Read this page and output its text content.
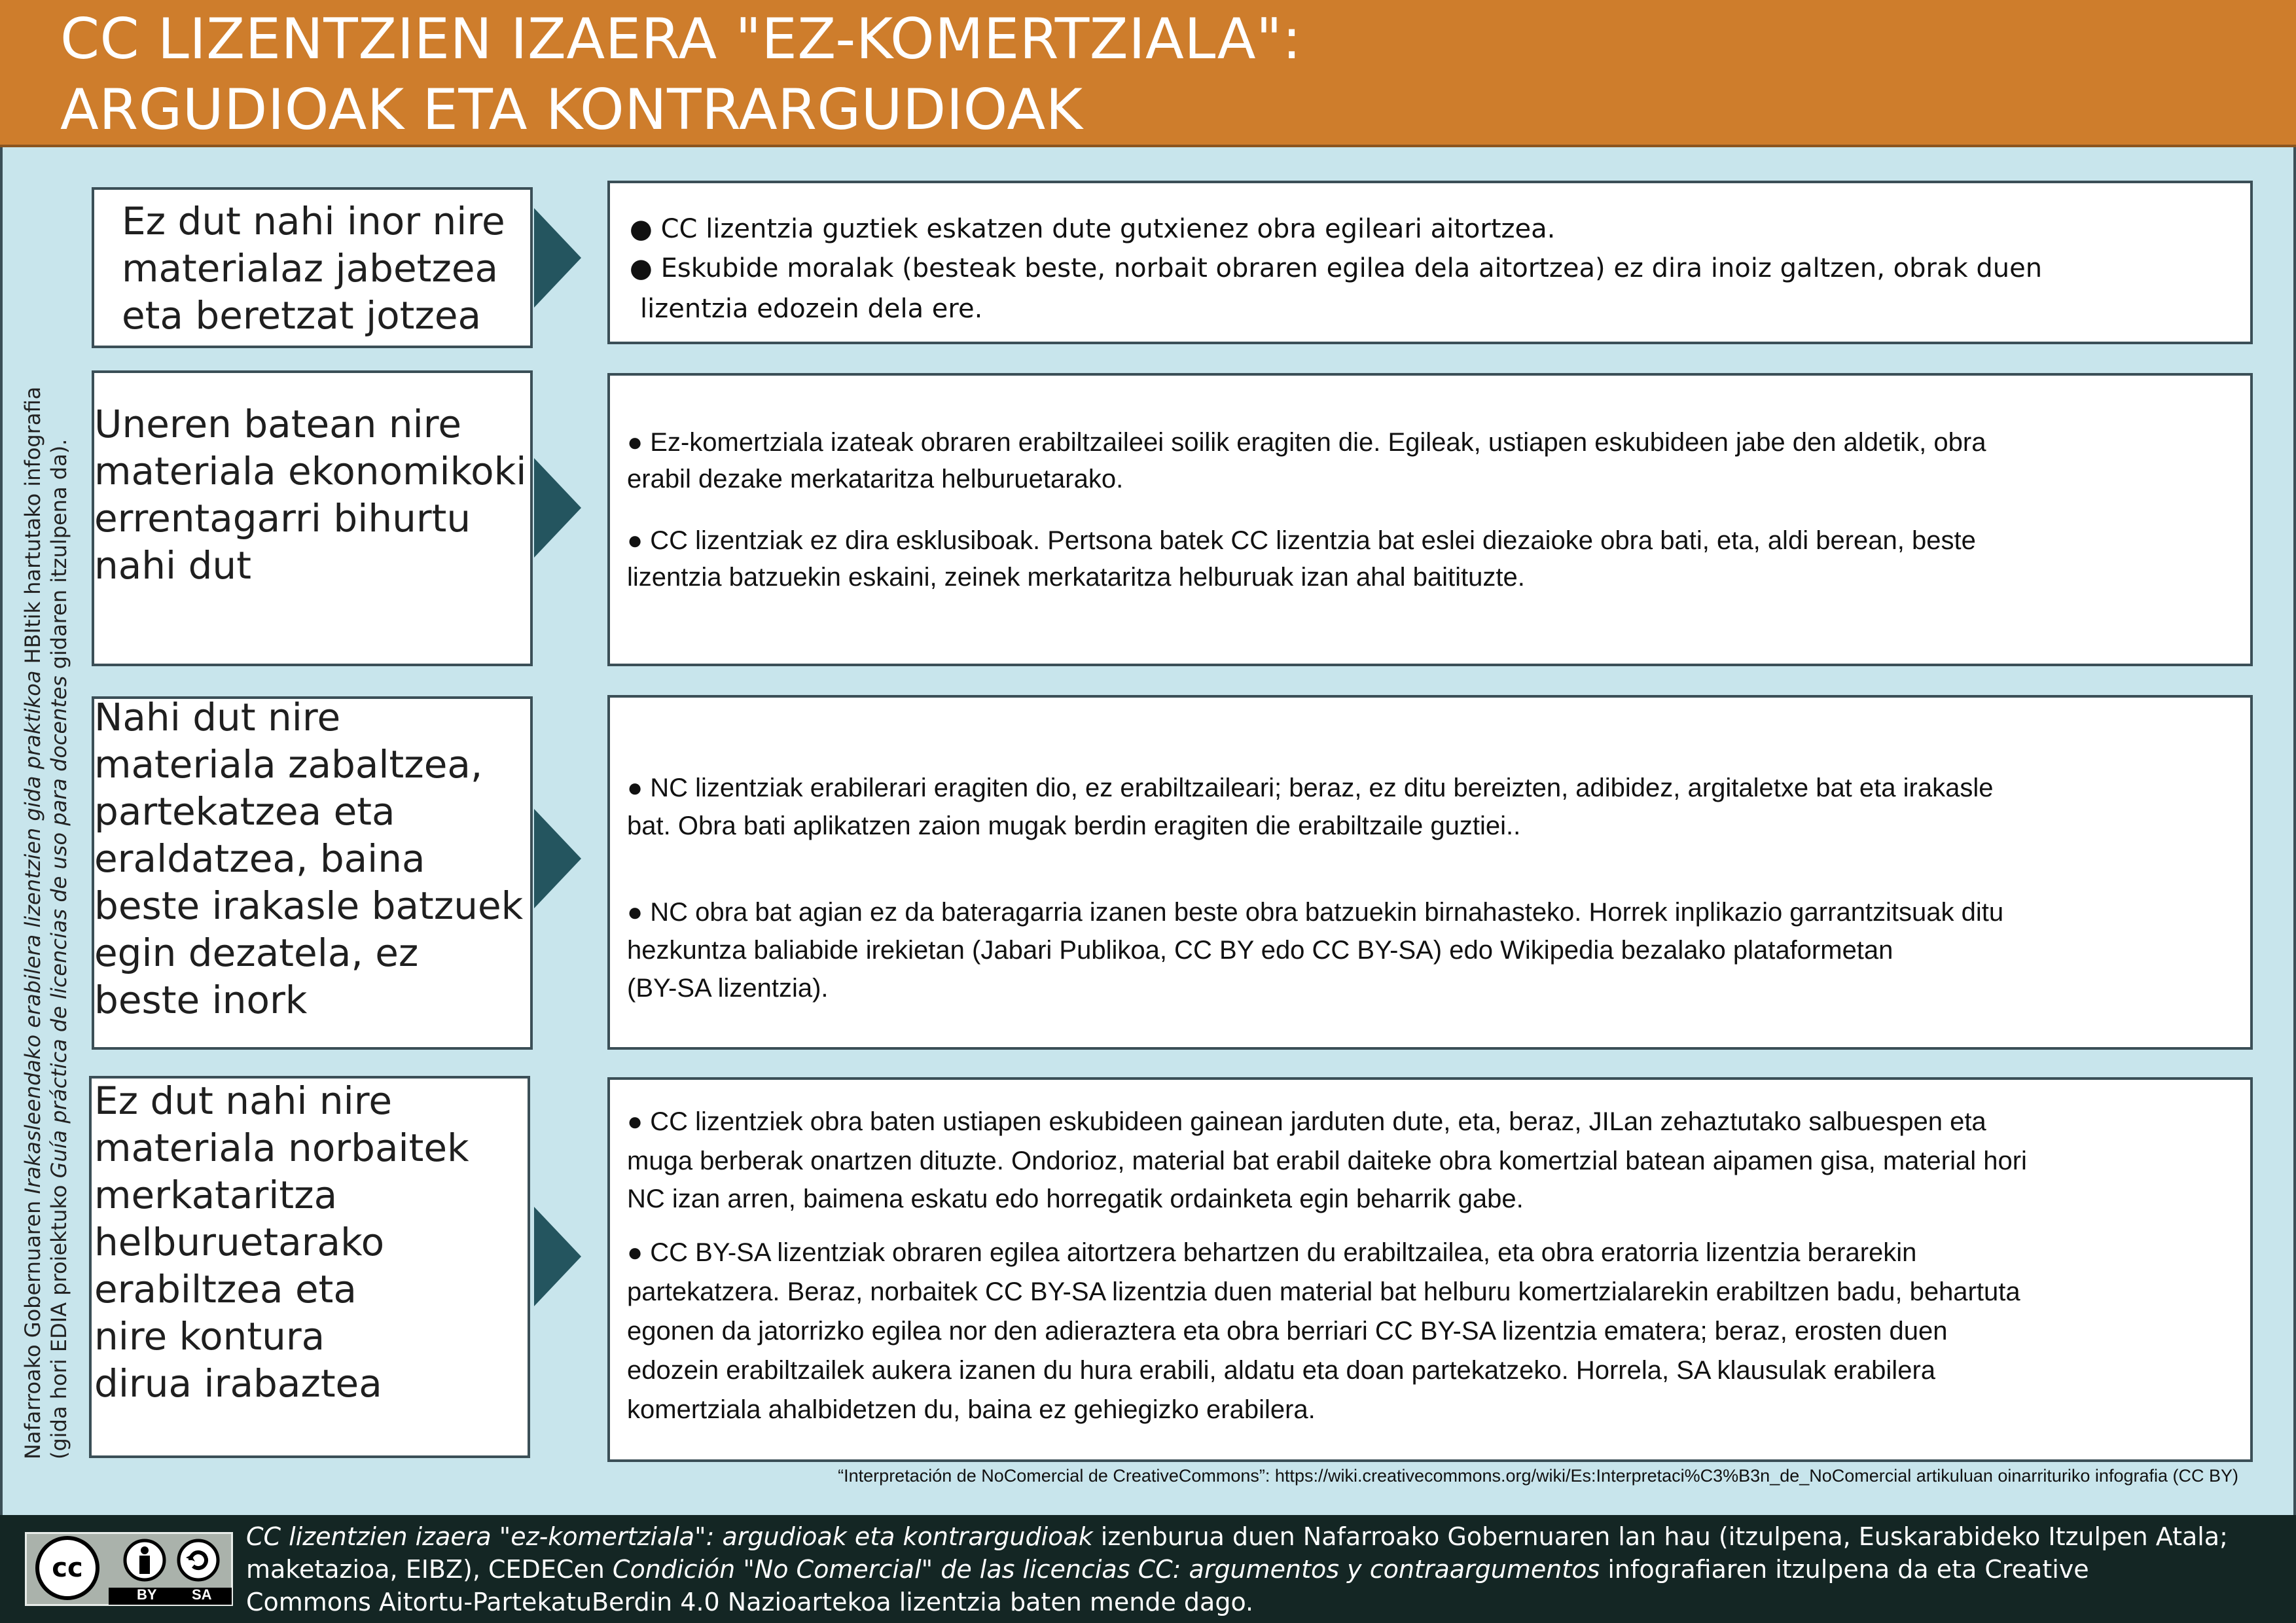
CC LIZENTZIEN IZAERA "EZ-KOMERTZIALA":
ARGUDIOAK ETA KONTRARGUDIOAK
Nafarroako Gobernuaren Irakasleendako erabilera lizentzien gida praktikoa HBItik hartutako infografia
(gida hori EDIA proiektuko Guía práctica de licencias de uso para docentes gidaren itzulpena da).
Ez dut nahi inor nire
materialaz jabetzea
eta beretzat jotzea
● CC lizentzia guztiek eskatzen dute gutxienez obra egileari aitortzea.
● Eskubide moralak (besteak beste, norbait obraren egilea dela aitortzea) ez dira inoiz galtzen, obrak duen
lizentzia edozein dela ere.
Uneren batean nire
materiala ekonomikoki
errentagarri bihurtu
nahi dut
● Ez-komertziala izateak obraren erabiltzaileei soilik eragiten die. Egileak, ustiapen eskubideen jabe den aldetik, obra
erabil dezake merkataritza helburuetarako.
● CC lizentziak ez dira esklusiboak. Pertsona batek CC lizentzia bat eslei diezaioke obra bati, eta, aldi berean, beste
lizentzia batzuekin eskaini, zeinek merkataritza helburuak izan ahal baitituzte.
Nahi dut nire
materiala zabaltzea,
partekatzea eta
eraldatzea, baina
beste irakasle batzuek
egin dezatela, ez
beste inork
● NC lizentziak erabilerari eragiten dio, ez erabiltzaileari; beraz, ez ditu bereizten, adibidez, argitaletxe bat eta irakasle
bat. Obra bati aplikatzen zaion mugak berdin eragiten die erabiltzaile guztiei..
● NC obra bat agian ez da bateragarria izanen beste obra batzuekin birnahasteko. Horrek inplikazio garrantzitsuak ditu
hezkuntza baliabide irekietan (Jabari Publikoa, CC BY edo CC BY-SA) edo Wikipedia bezalako plataformetan
(BY-SA lizentzia).
Ez dut nahi nire
materiala norbaitek
merkataritza
helburuetarako
erabiltzea eta
nire kontura
dirua irabaztea
● CC lizentziek obra baten ustiapen eskubideen gainean jarduten dute, eta, beraz, JILan zehaztutako salbuespen eta
muga berberak onartzen dituzte. Ondorioz, material bat erabil daiteke obra komertzial batean aipamen gisa, material hori
NC izan arren, baimena eskatu edo horregatik ordainketa egin beharrik gabe.
● CC BY-SA lizentziak obraren egilea aitortzera behartzen du erabiltzailea, eta obra eratorria lizentzia berarekin
partekatzera. Beraz, norbaitek CC BY-SA lizentzia duen material bat helburu komertzialarekin erabiltzen badu, behartuta
egonen da jatorrizko egilea nor den adieraztera eta obra berriari CC BY-SA lizentzia ematera; beraz, erosten duen
edozein erabiltzailek aukera izanen du hura erabili, aldatu eta doan partekatzeko. Horrela, SA klausulak erabilera
komertziala ahalbidetzen du, baina ez gehiegizko erabilera.
“Interpretación de NoComercial de CreativeCommons”: https://wiki.creativecommons.org/wiki/Es:Interpretaci%C3%B3n_de_NoComercial artikuluan oinarrituriko infografia (CC BY)
cc
BY SA
CC lizentzien izaera "ez-komertziala": argudioak eta kontrargudioak izenburua duen Nafarroako Gobernuaren lan hau (itzulpena, Euskarabideko Itzulpen Atala;
maketazioa, EIBZ), CEDECen Condición "No Comercial" de las licencias CC: argumentos y contraargumentos infografiaren itzulpena da eta Creative
Commons Aitortu-PartekatuBerdin 4.0 Nazioartekoa lizentzia baten mende dago.
